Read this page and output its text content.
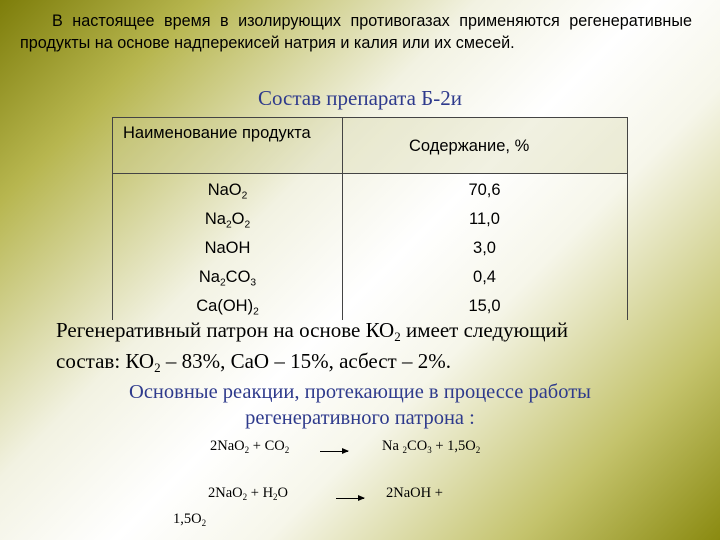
В настоящее время в изолирующих противогазах применяются регенеративные продукты на основе надперекисей натрия и калия или их смесей.
Состав препарата Б-2и
Наименование продукта
Содержание, %
NaO$_2$
$Na_2O_2$
NaOH
$Na_2CO_3$
$Ca(OH)_2$
70,6
11,0
3,0
0,4
15,0
Регенеративный патрон на основе $КО_2$ имеет следующий
состав: $КО_2 - 83\%$, СаО – 15%, асбест – 2%.
Основные реакции, протекающие в процессе работы регенеративного патрона :
$2NaO_2 + CO_2$	Na $_2CO_3 + 1,5O_2$
$2NaO_2 + H_2O$	→ 2NaOH +
$1,5O_2$
